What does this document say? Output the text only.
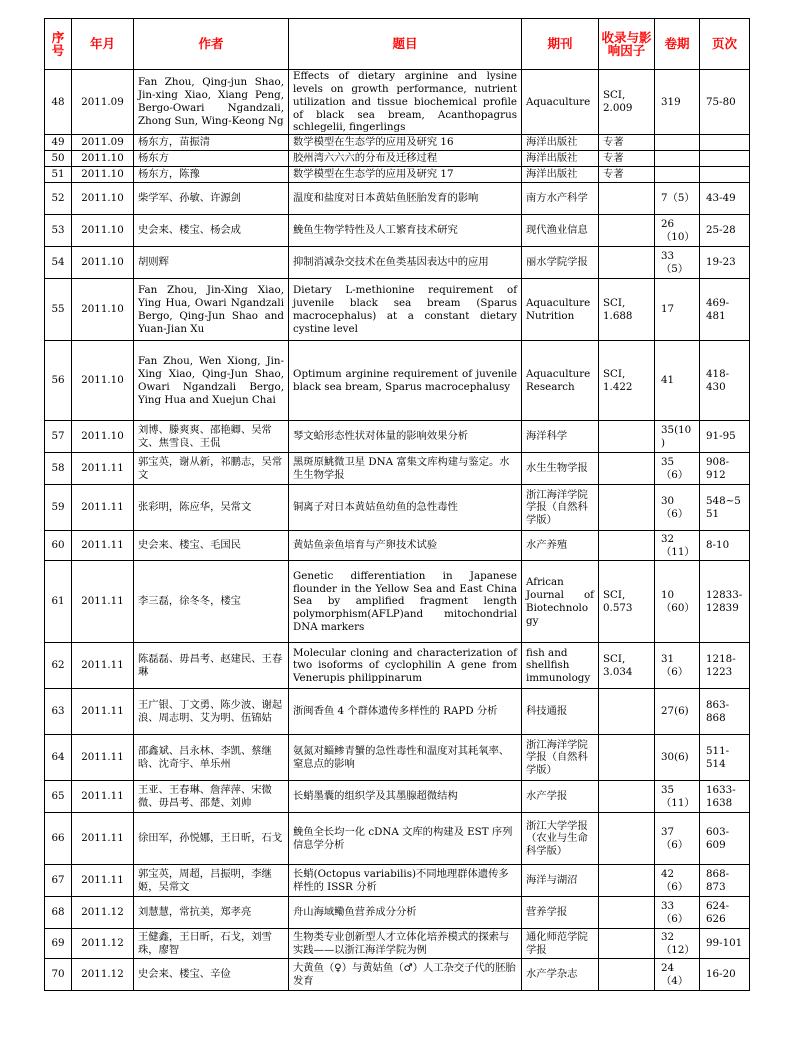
序号	年月	作者	题目	期刊	收录与影响因子	卷期	页次
48	2011.09	Fan Zhou, Qing-jun Shao, Jin-xing Xiao, Xiang Peng, Bergo-Owari Ngandzali, Zhong Sun, Wing-Keong Ng	Effects of dietary arginine and lysine levels on growth performance, nutrient utilization and tissue biochemical profile of black sea bream, Acanthopagrus schlegelii, fingerlings	Aquaculture	SCI, 2.009	319	75-80
49	2011.09	杨东方，苗振清	数学模型在生态学的应用及研究 16	海洋出版社	专著		
50	2011.10	杨东方	胶州湾六六六的分布及迁移过程	海洋出版社	专著		
51	2011.10	杨东方，陈豫	数学模型在生态学的应用及研究 17	海洋出版社	专著		
52	2011.10	柴学军、孙敏、许源剑	温度和盐度对日本黄姑鱼胚胎发育的影响	南方水产科学		7（5）	43-49
53	2011.10	史会来、楼宝、杨会成	鮸鱼生物学特性及人工繁育技术研究	现代渔业信息		26（10）	25-28
54	2011.10	胡则辉	抑制消减杂交技术在鱼类基因表达中的应用	丽水学院学报		33（5）	19-23
55	2011.10	Fan Zhou, Jin-Xing Xiao, Ying Hua, Owari Ngandzali Bergo, Qing-Jun Shao and Yuan-Jian Xu	Dietary L-methionine requirement of juvenile black sea bream (Sparus macrocephalus) at a constant dietary cystine level	Aquaculture Nutrition	SCI, 1.688	17	469-481
56	2011.10	Fan Zhou, Wen Xiong, Jin-Xing Xiao, Qing-Jun Shao, Owari Ngandzali Bergo, Ying Hua and Xuejun Chai	Optimum arginine requirement of juvenile black sea bream, Sparus macrocephalusy	Aquaculture Research	SCI, 1.422	41	418-430
57	2011.10	刘博、滕爽爽、邵艳卿、吴常文、焦雪良、王侃	琴文蛤形态性状对体量的影响效果分析	海洋科学		35(10)	91-95
58	2011.11	郭宝英，谢从新，祁鹏志，吴常文	黑斑原鮡微卫星 DNA 富集文库构建与鉴定。水生生物学报	水生生物学报		35（6）	908-912
59	2011.11	张彩明，陈应华，吴常文	铜离子对日本黄姑鱼幼鱼的急性毒性	浙江海洋学院学报（自然科学版）		30（6）	548~551
60	2011.11	史会来、楼宝、毛国民	黄姑鱼亲鱼培育与产卵技术试验	水产养殖		32（11）	8-10
61	2011.11	李三磊，徐冬冬，楼宝	Genetic differentiation in Japanese flounder in the Yellow Sea and East China Sea by amplified fragment length polymorphism(AFLP)and mitochondrial DNA markers	African Journal of Biotechnology	SCI, 0.573	10（60）	12833-12839
62	2011.11	陈磊磊、毋昌考、赵建民、王春琳	Molecular cloning and characterization of two isoforms of cyclophilin A gene from Venerupis philippinarum	fish and shellfish immunology	SCI, 3.034	31（6）	1218-1223
63	2011.11	王广银、丁文勇、陈少波、谢起浪、周志明、艾为明、伍锦姑	浙闽香鱼 4 个群体遗传多样性的 RAPD 分析	科技通报		27(6)	863-868
64	2011.11	邵鑫斌、吕永林、李凯、蔡继晗、沈奇宇、单乐州	氨氮对鲻鲹青蟹的急性毒性和温度对其耗氧率、窒息点的影响	浙江海洋学院学报（自然科学版）		30(6)	511-514
65	2011.11	王亚、王春琳、詹萍萍、宋微微、毋昌考、邵楚、刘帅	长蛸墨囊的组织学及其墨腺超微结构	水产学报		35（11）	1633-1638
66	2011.11	徐田军，孙悦娜，王日昕，石戈	鮸鱼全长均一化 cDNA 文库的构建及 EST 序列信息学分析	浙江大学学报（农业与生命科学版）		37（6）	603-609
67	2011.11	郭宝英，周超，吕振明，李继姬，吴常文	长蛸(Octopus variabilis)不同地理群体遗传多样性的 ISSR 分析	海洋与湖沼		42（6）	868-873
68	2011.12	刘慧慧，常抗美，郑孝亮	舟山海域鳓鱼营养成分分析	营养学报		33（6）	624-626
69	2011.12	王健鑫，王日昕，石戈，刘雪珠，廖智	生物类专业创新型人才立体化培养模式的探索与实践——以浙江海洋学院为例	通化师范学院学报		32（12）	99-101
70	2011.12	史会来、楼宝、辛俭	大黄鱼（♀）与黄姑鱼（♂）人工杂交子代的胚胎发育	水产学杂志		24（4）	16-20
